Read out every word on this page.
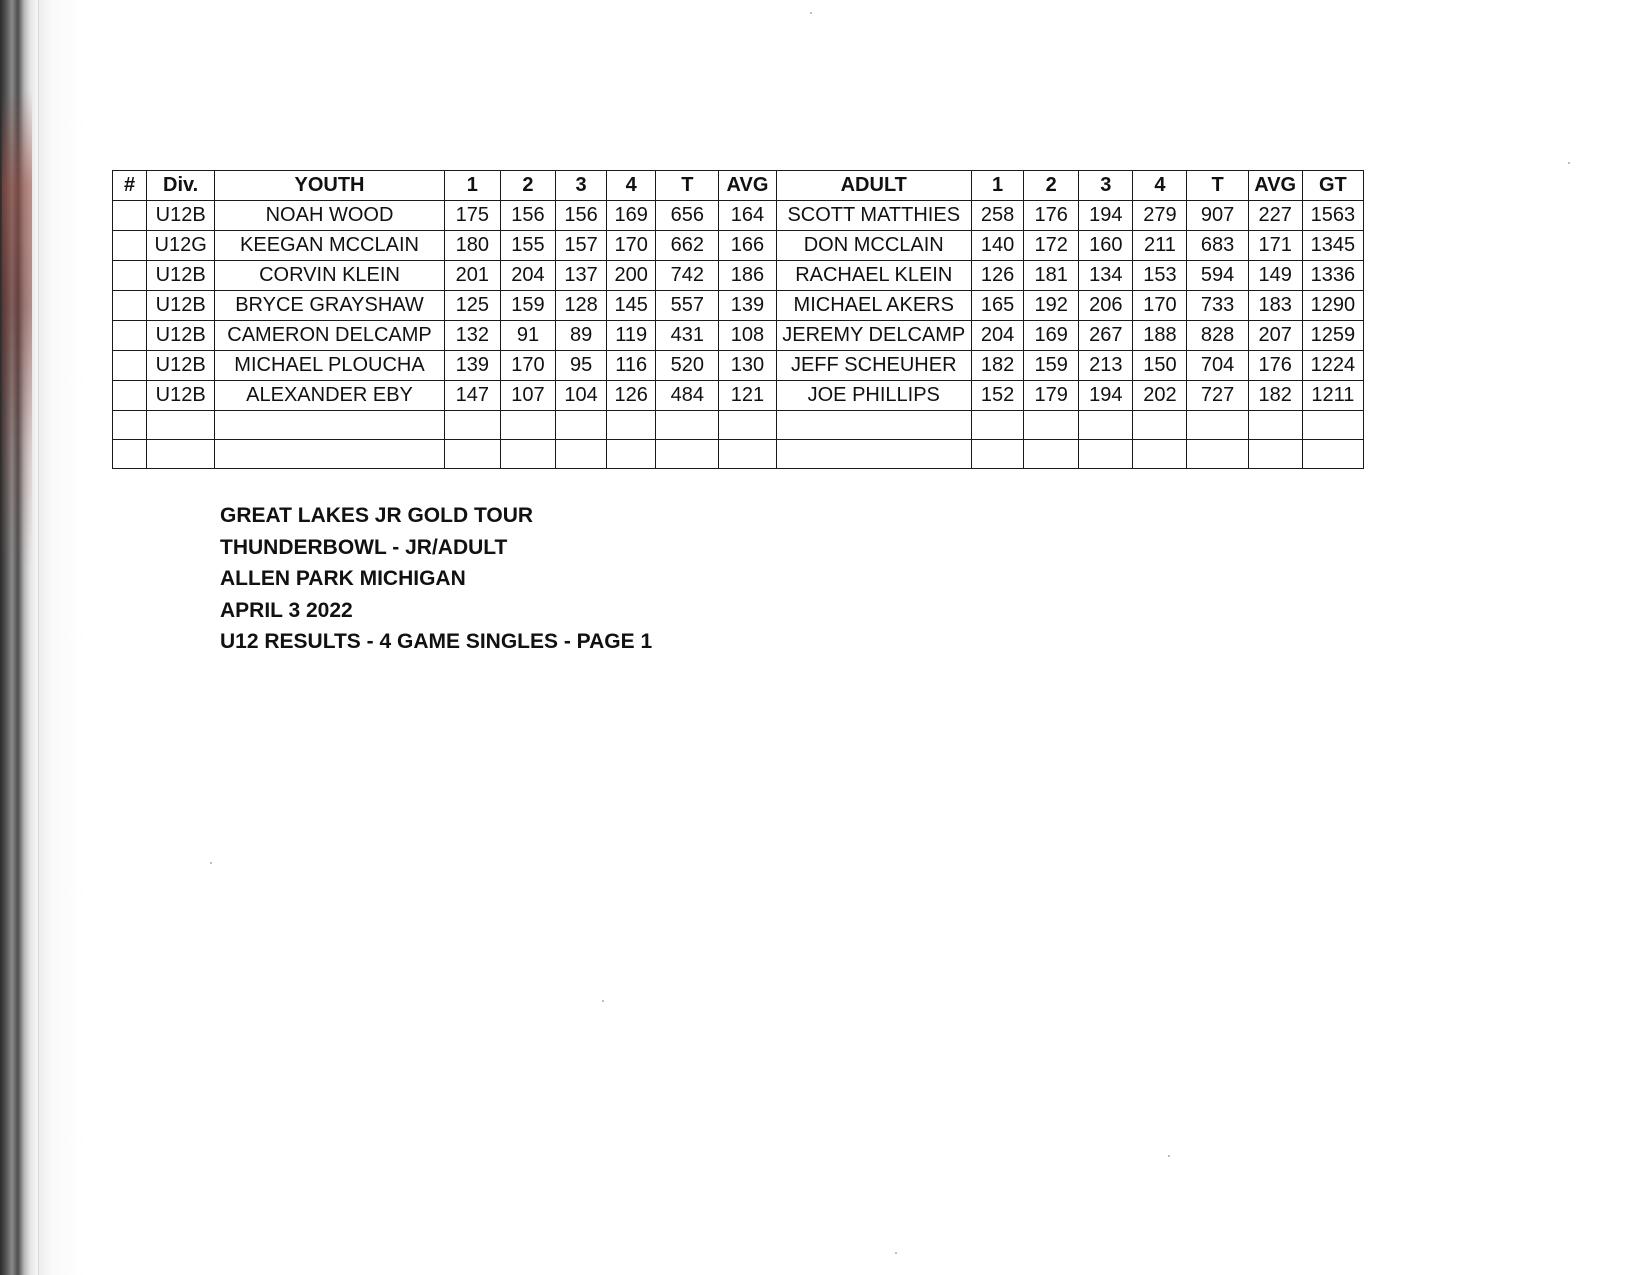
#	Div.	YOUTH	1	2	3	4	T	AVG	ADULT	1	2	3	4	T	AVG	GT
	U12B	NOAH WOOD	175	156	156	169	656	164	SCOTT MATTHIES	258	176	194	279	907	227	1563
	U12G	KEEGAN MCCLAIN	180	155	157	170	662	166	DON MCCLAIN	140	172	160	211	683	171	1345
	U12B	CORVIN KLEIN	201	204	137	200	742	186	RACHAEL KLEIN	126	181	134	153	594	149	1336
	U12B	BRYCE GRAYSHAW	125	159	128	145	557	139	MICHAEL AKERS	165	192	206	170	733	183	1290
	U12B	CAMERON DELCAMP	132	91	89	119	431	108	JEREMY DELCAMP	204	169	267	188	828	207	1259
	U12B	MICHAEL PLOUCHA	139	170	95	116	520	130	JEFF SCHEUHER	182	159	213	150	704	176	1224
	U12B	ALEXANDER EBY	147	107	104	126	484	121	JOE PHILLIPS	152	179	194	202	727	182	1211

GREAT LAKES JR GOLD TOUR
THUNDERBOWL - JR/ADULT
ALLEN PARK MICHIGAN
APRIL 3 2022
U12 RESULTS - 4 GAME SINGLES - PAGE 1
